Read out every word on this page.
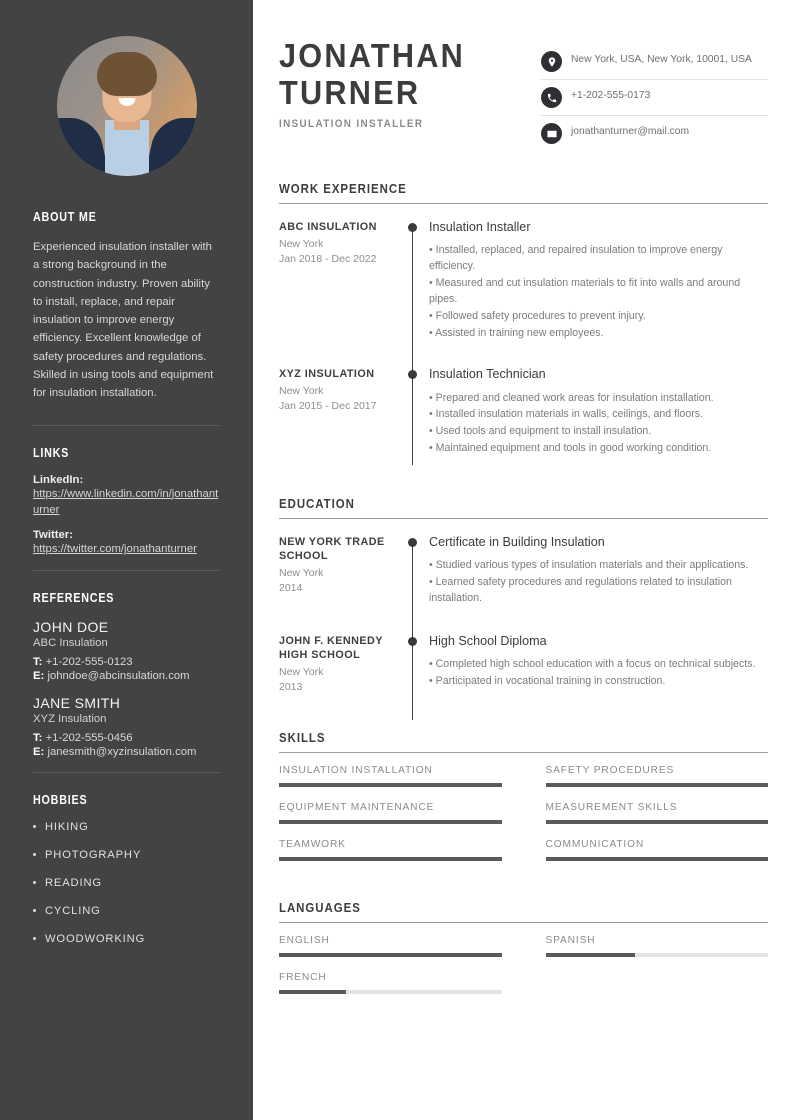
ABOUT ME

Experienced insulation installer with a strong background in the construction industry. Proven ability to install, replace, and repair insulation to improve energy efficiency. Excellent knowledge of safety procedures and regulations. Skilled in using tools and equipment for insulation installation.

LINKS
LinkedIn:
https://www.linkedin.com/in/jonathanturner
Twitter:
https://twitter.com/jonathanturner
REFERENCES
JOHN DOE
ABC Insulation
T: +1-202-555-0123
E: johndoe@abcinsulation.com
JANE SMITH
XYZ Insulation
T: +1-202-555-0456
E: janesmith@xyzinsulation.com
HOBBIES
HIKING
PHOTOGRAPHY
READING
CYCLING
WOODWORKING
JONATHAN
TURNER
INSULATION INSTALLER
New York, USA, New York, 10001, USA
+1-202-555-0173
jonathanturner@mail.com
WORK EXPERIENCE
ABC INSULATION
New York
Jan 2018 - Dec 2022
Insulation Installer
• Installed, replaced, and repaired insulation to improve energy efficiency.
• Measured and cut insulation materials to fit into walls and around pipes.
• Followed safety procedures to prevent injury.
• Assisted in training new employees.
XYZ INSULATION
New York
Jan 2015 - Dec 2017
Insulation Technician
• Prepared and cleaned work areas for insulation installation.
• Installed insulation materials in walls, ceilings, and floors.
• Used tools and equipment to install insulation.
• Maintained equipment and tools in good working condition.
EDUCATION
NEW YORK TRADE SCHOOL
New York
2014
Certificate in Building Insulation
• Studied various types of insulation materials and their applications.
• Learned safety procedures and regulations related to insulation installation.
JOHN F. KENNEDY HIGH SCHOOL
New York
2013
High School Diploma
• Completed high school education with a focus on technical subjects.
• Participated in vocational training in construction.
SKILLS
INSULATION INSTALLATION	SAFETY PROCEDURES
EQUIPMENT MAINTENANCE	MEASUREMENT SKILLS
TEAMWORK	COMMUNICATION
LANGUAGES
ENGLISH	SPANISH
FRENCH
